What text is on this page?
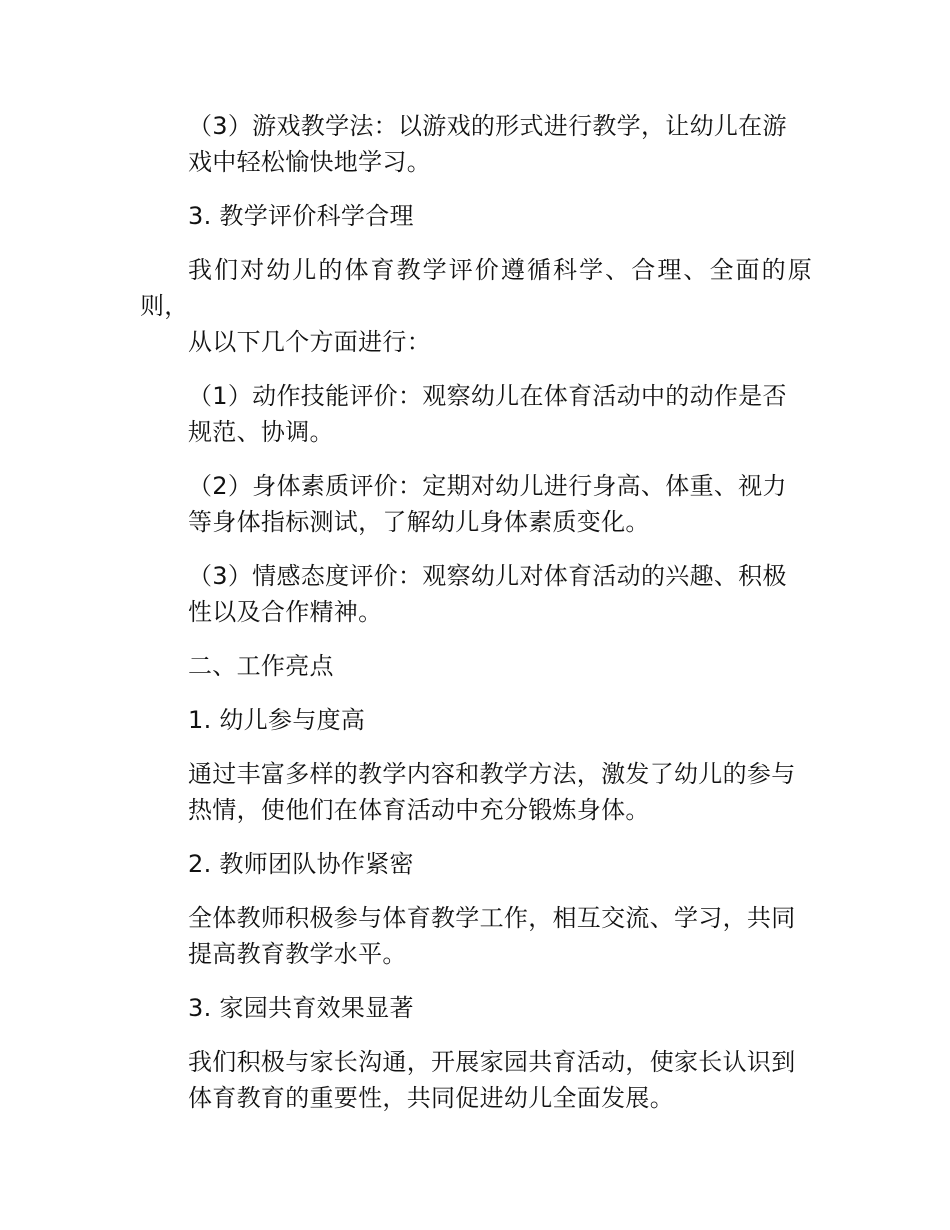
（3）游戏教学法：以游戏的形式进行教学，让幼儿在游
戏中轻松愉快地学习。

3. 教学评价科学合理

我们对幼儿的体育教学评价遵循科学、合理、全面的原则，
从以下几个方面进行：

（1）动作技能评价：观察幼儿在体育活动中的动作是否
规范、协调。

（2）身体素质评价：定期对幼儿进行身高、体重、视力
等身体指标测试，了解幼儿身体素质变化。

（3）情感态度评价：观察幼儿对体育活动的兴趣、积极
性以及合作精神。

二、工作亮点

1. 幼儿参与度高

通过丰富多样的教学内容和教学方法，激发了幼儿的参与
热情，使他们在体育活动中充分锻炼身体。

2. 教师团队协作紧密

全体教师积极参与体育教学工作，相互交流、学习，共同
提高教育教学水平。

3. 家园共育效果显著

我们积极与家长沟通，开展家园共育活动，使家长认识到
体育教育的重要性，共同促进幼儿全面发展。
